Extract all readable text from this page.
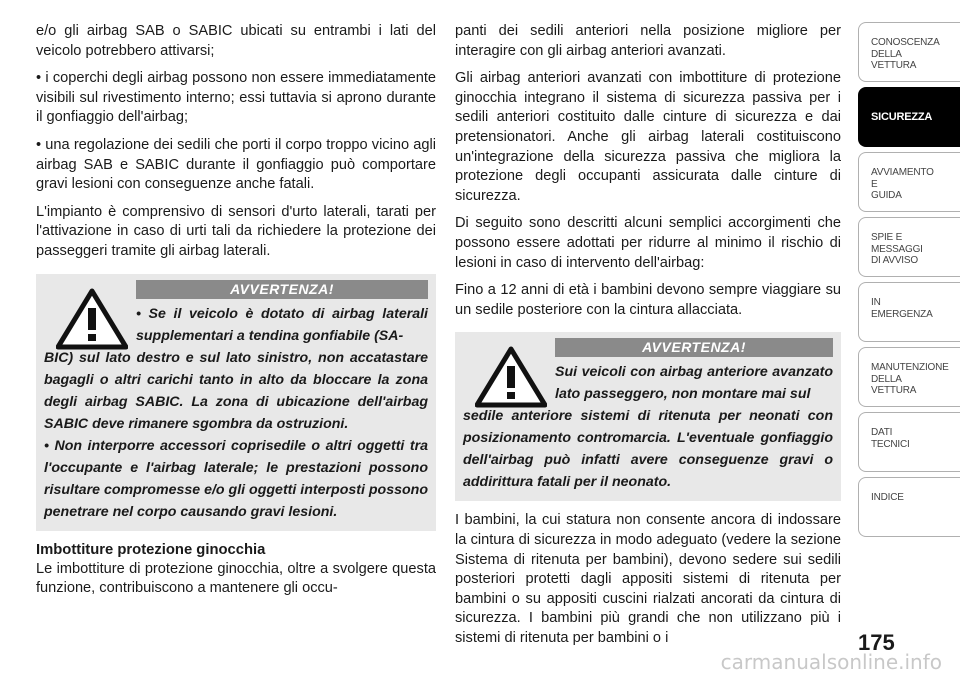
e/o gli airbag SAB o SABIC ubicati su entrambi i lati del veicolo potrebbero attivarsi;

• i coperchi degli airbag possono non essere immediatamente visibili sul rivestimento interno; essi tuttavia si aprono durante il gonfiaggio dell'airbag;

• una regolazione dei sedili che porti il corpo troppo vicino agli airbag SAB e SABIC durante il gonfiaggio può comportare gravi lesioni con conseguenze anche fatali.

L'impianto è comprensivo di sensori d'urto laterali, tarati per l'attivazione in caso di urti tali da richiedere la protezione dei passeggeri tramite gli airbag laterali.

AVVERTENZA!

• Se il veicolo è dotato di airbag laterali supplementari a tendina gonfiabile (SA-

BIC) sul lato destro e sul lato sinistro, non accatastare bagagli o altri carichi tanto in alto da bloccare la zona degli airbag SABIC. La zona di ubicazione dell'airbag SABIC deve rimanere sgombra da ostruzioni.

• Non interporre accessori coprisedile o altri oggetti tra l'occupante e l'airbag laterale; le prestazioni possono risultare compromesse e/o gli oggetti interposti possono penetrare nel corpo causando gravi lesioni.

Imbottiture protezione ginocchia

Le imbottiture di protezione ginocchia, oltre a svolgere questa funzione, contribuiscono a mantenere gli occu-

panti dei sedili anteriori nella posizione migliore per interagire con gli airbag anteriori avanzati.

Gli airbag anteriori avanzati con imbottiture di protezione ginocchia integrano il sistema di sicurezza passiva per i sedili anteriori costituito dalle cinture di sicurezza e dai pretensionatori. Anche gli airbag laterali costituiscono un'integrazione della sicurezza passiva che migliora la protezione degli occupanti assicurata dalle cinture di sicurezza.

Di seguito sono descritti alcuni semplici accorgimenti che possono essere adottati per ridurre al minimo il rischio di lesioni in caso di intervento dell'airbag:

Fino a 12 anni di età i bambini devono sempre viaggiare su un sedile posteriore con la cintura allacciata.

AVVERTENZA!

Sui veicoli con airbag anteriore avanzato lato passeggero, non montare mai sul

sedile anteriore sistemi di ritenuta per neonati con posizionamento contromarcia. L'eventuale gonfiaggio dell'airbag può infatti avere conseguenze gravi o addirittura fatali per il neonato.

I bambini, la cui statura non consente ancora di indossare la cintura di sicurezza in modo adeguato (vedere la sezione Sistema di ritenuta per bambini), devono sedere sui sedili posteriori protetti dagli appositi sistemi di ritenuta per bambini o su appositi cuscini rialzati ancorati da cintura di sicurezza. I bambini più grandi che non utilizzano più i sistemi di ritenuta per bambini o i

CONOSCENZA
DELLA
VETTURA
SICUREZZA
AVVIAMENTO
E
GUIDA
SPIE E
MESSAGGI
DI AVVISO
IN
EMERGENZA
MANUTENZIONE
DELLA
VETTURA
DATI
TECNICI
INDICE
175
carmanualsonline.info
